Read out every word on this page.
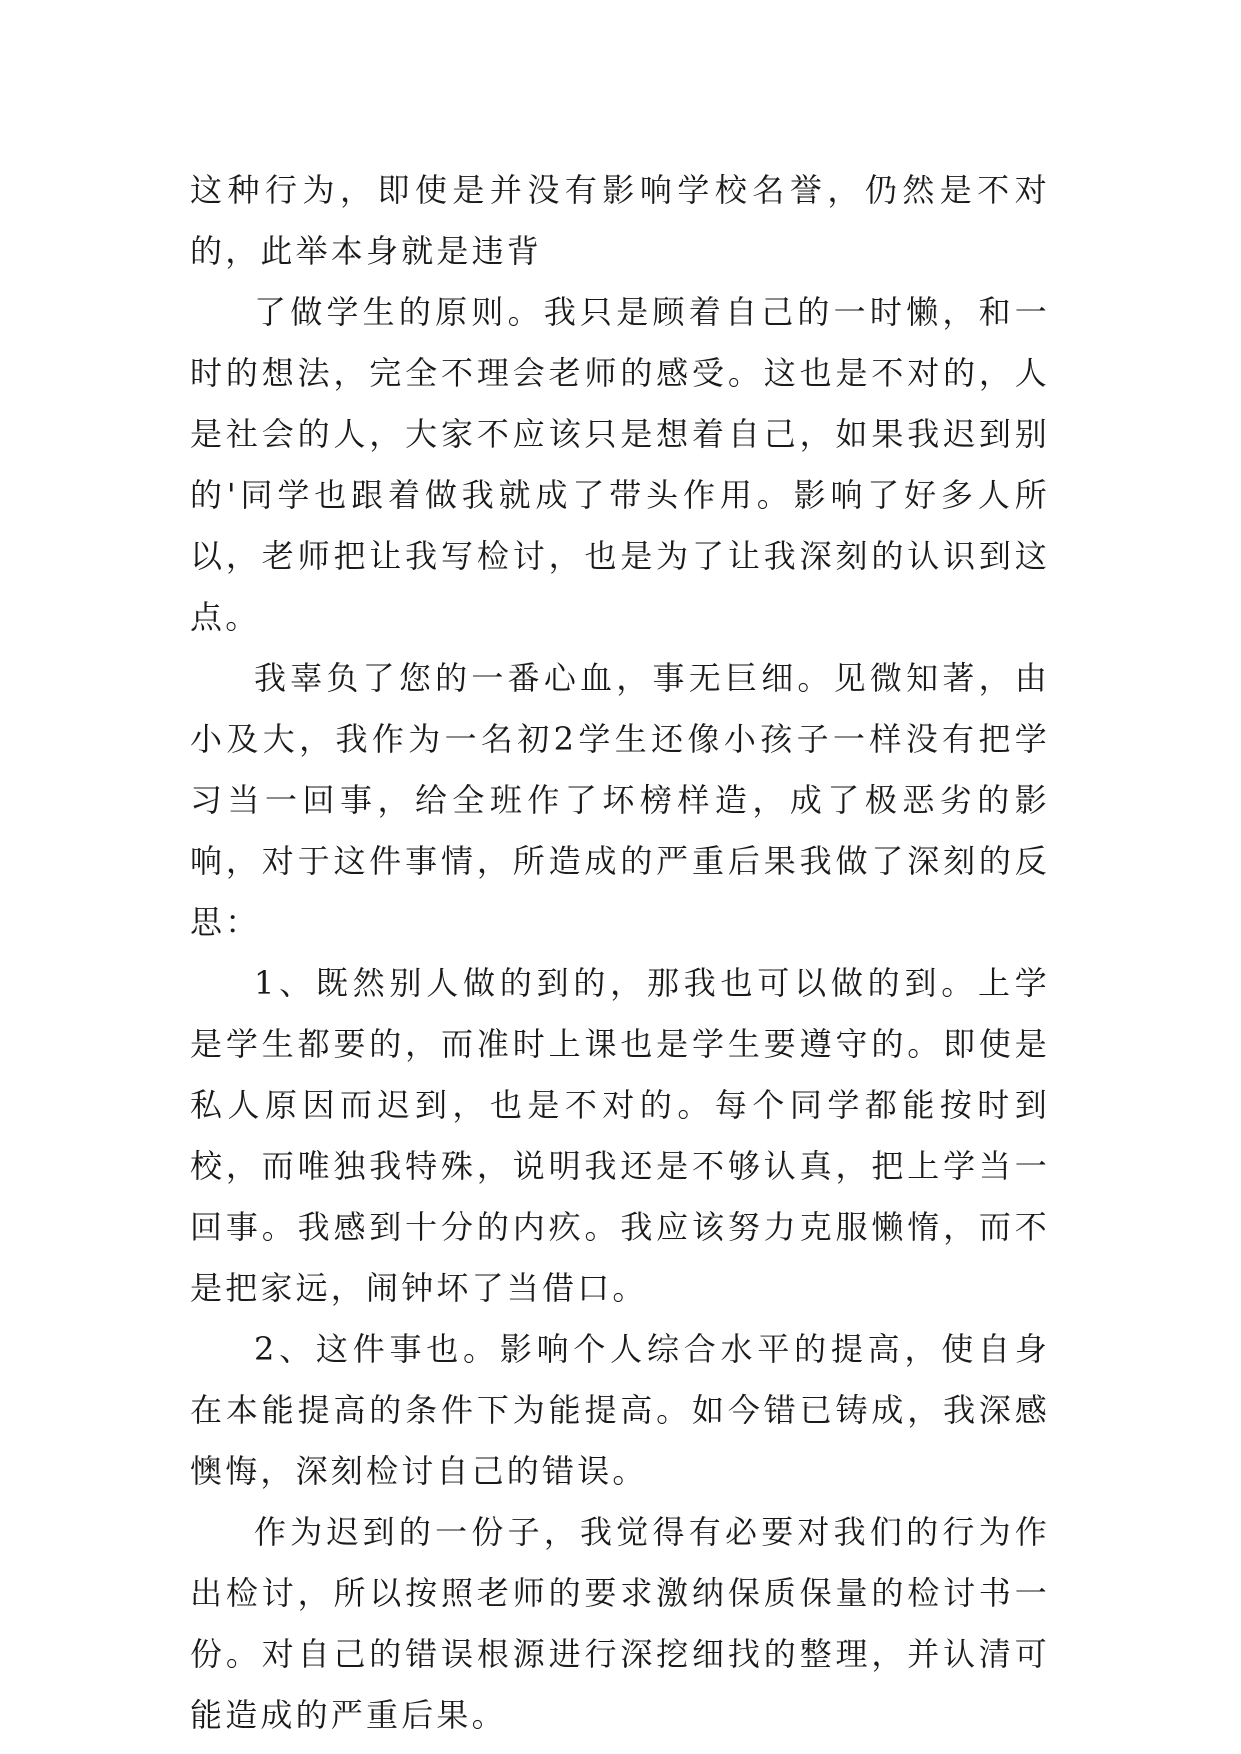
这种行为，即使是并没有影响学校名誉，仍然是不对的，此举本身就是违背

了做学生的原则。我只是顾着自己的一时懒，和一时的想法，完全不理会老师的感受。这也是不对的，人是社会的人，大家不应该只是想着自己，如果我迟到别的'同学也跟着做我就成了带头作用。影响了好多人所以，老师把让我写检讨，也是为了让我深刻的认识到这点。

我辜负了您的一番心血，事无巨细。见微知著，由小及大，我作为一名初2学生还像小孩子一样没有把学习当一回事，给全班作了坏榜样造，成了极恶劣的影响，对于这件事情，所造成的严重后果我做了深刻的反思：

1、既然别人做的到的，那我也可以做的到。上学是学生都要的，而准时上课也是学生要遵守的。即使是私人原因而迟到，也是不对的。每个同学都能按时到校，而唯独我特殊，说明我还是不够认真，把上学当一回事。我感到十分的内疚。我应该努力克服懒惰，而不是把家远，闹钟坏了当借口。

2、这件事也。影响个人综合水平的提高，使自身在本能提高的条件下为能提高。如今错已铸成，我深感懊悔，深刻检讨自己的错误。

作为迟到的一份子，我觉得有必要对我们的行为作出检讨，所以按照老师的要求激纳保质保量的检讨书一份。对自己的错误根源进行深挖细找的整理，并认清可能造成的严重后果。
